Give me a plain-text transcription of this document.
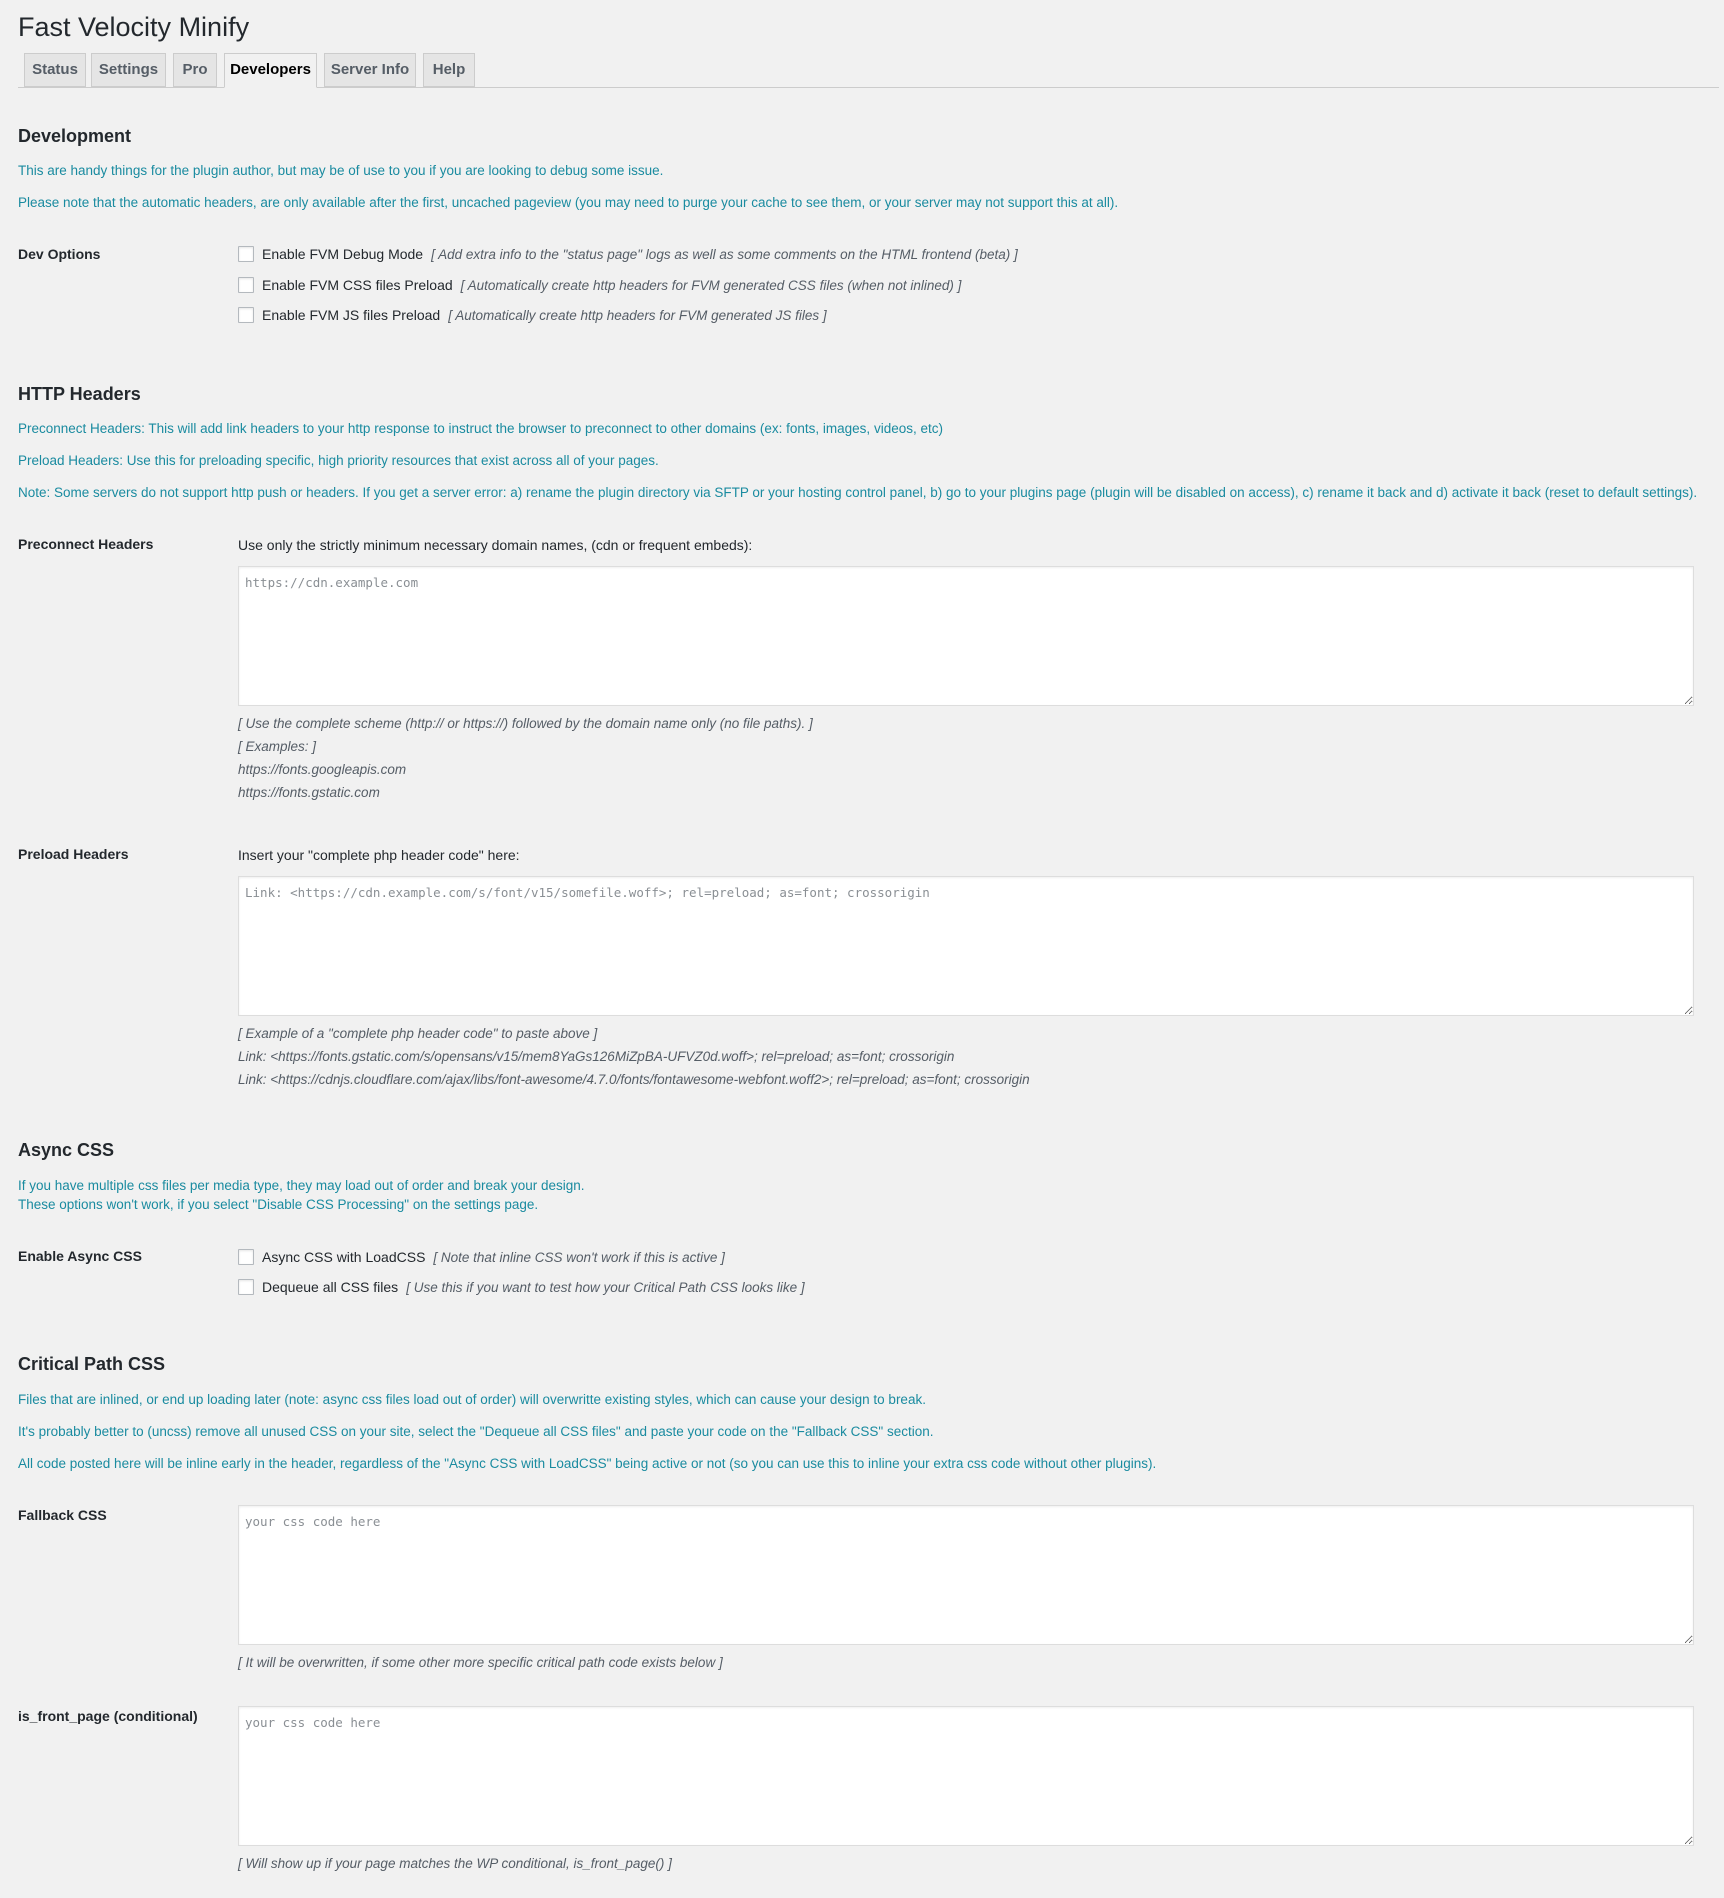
Fast Velocity Minify
Status	Settings	Pro	Developers	Server Info	Help
Development
This are handy things for the plugin author, but may be of use to you if you are looking to debug some issue.
Please note that the automatic headers, are only available after the first, uncached pageview (you may need to purge your cache to see them, or your server may not support this at all).
Dev Options	Enable FVM Debug Mode [ Add extra info to the "status page" logs as well as some comments on the HTML frontend (beta) ]
Enable FVM CSS files Preload [ Automatically create http headers for FVM generated CSS files (when not inlined) ]
Enable FVM JS files Preload [ Automatically create http headers for FVM generated JS files ]
HTTP Headers
Preconnect Headers: This will add link headers to your http response to instruct the browser to preconnect to other domains (ex: fonts, images, videos, etc)
Preload Headers: Use this for preloading specific, high priority resources that exist across all of your pages.
Note: Some servers do not support http push or headers. If you get a server error: a) rename the plugin directory via SFTP or your hosting control panel, b) go to your plugins page (plugin will be disabled on access), c) rename it back and d) activate it back (reset to default settings).
Preconnect Headers	Use only the strictly minimum necessary domain names, (cdn or frequent embeds):
https://cdn.example.com
[ Use the complete scheme (http:// or https://) followed by the domain name only (no file paths). ]
[ Examples: ]
https://fonts.googleapis.com
https://fonts.gstatic.com
Preload Headers	Insert your "complete php header code" here:
Link: <https://cdn.example.com/s/font/v15/somefile.woff>; rel=preload; as=font; crossorigin
[ Example of a "complete php header code" to paste above ]
Link: <https://fonts.gstatic.com/s/opensans/v15/mem8YaGs126MiZpBA-UFVZ0d.woff>; rel=preload; as=font; crossorigin
Link: <https://cdnjs.cloudflare.com/ajax/libs/font-awesome/4.7.0/fonts/fontawesome-webfont.woff2>; rel=preload; as=font; crossorigin
Async CSS
If you have multiple css files per media type, they may load out of order and break your design.
These options won't work, if you select "Disable CSS Processing" on the settings page.
Enable Async CSS	Async CSS with LoadCSS [ Note that inline CSS won't work if this is active ]
Dequeue all CSS files [ Use this if you want to test how your Critical Path CSS looks like ]
Critical Path CSS
Files that are inlined, or end up loading later (note: async css files load out of order) will overwritte existing styles, which can cause your design to break.
It's probably better to (uncss) remove all unused CSS on your site, select the "Dequeue all CSS files" and paste your code on the "Fallback CSS" section.
All code posted here will be inline early in the header, regardless of the "Async CSS with LoadCSS" being active or not (so you can use this to inline your extra css code without other plugins).
Fallback CSS
your css code here
[ It will be overwritten, if some other more specific critical path code exists below ]
is_front_page (conditional)
your css code here
[ Will show up if your page matches the WP conditional, is_front_page() ]
